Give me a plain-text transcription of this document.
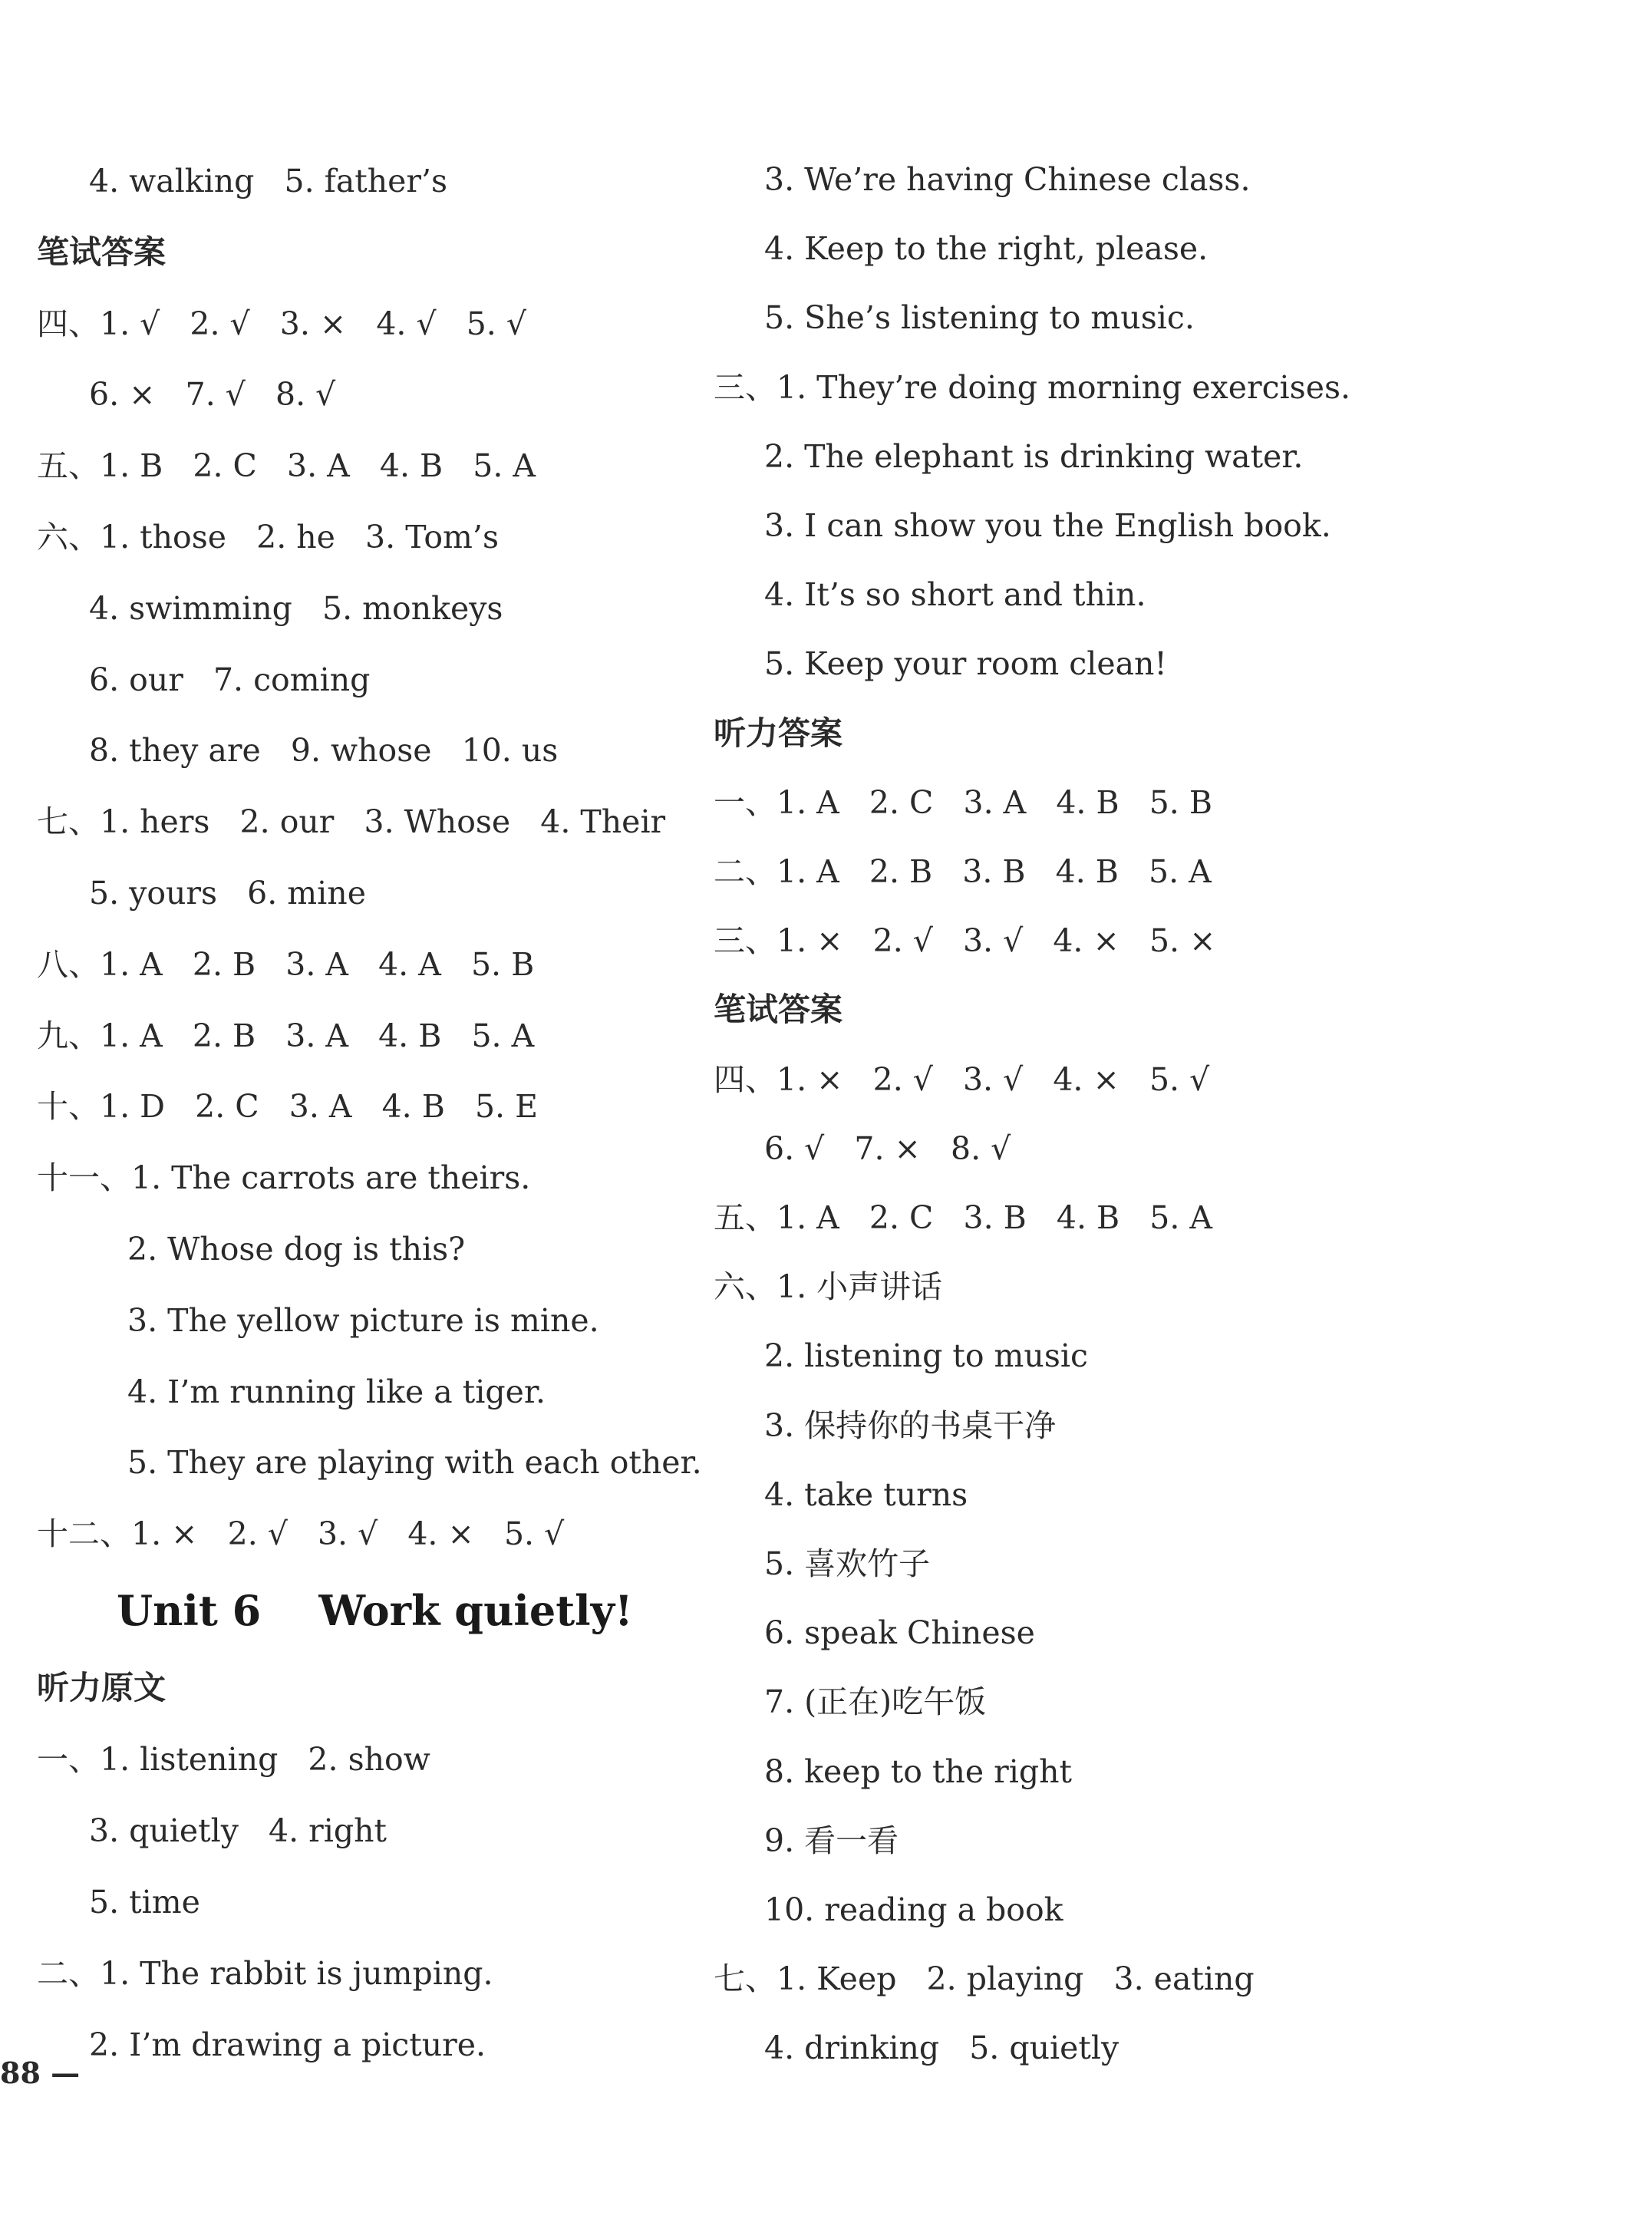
4. walking   5. father’s
笔试答案
四、1. √   2. √   3. ×   4. √   5. √
6. ×   7. √   8. √
五、1. B   2. C   3. A   4. B   5. A
六、1. those   2. he   3. Tom’s
4. swimming   5. monkeys
6. our   7. coming
8. they are   9. whose   10. us
七、1. hers   2. our   3. Whose   4. Their
5. yours   6. mine
八、1. A   2. B   3. A   4. A   5. B
九、1. A   2. B   3. A   4. B   5. A
十、1. D   2. C   3. A   4. B   5. E
十一、1. The carrots are theirs.
2. Whose dog is this?
3. The yellow picture is mine.
4. I’m running like a tiger.
5. They are playing with each other.
十二、1. ×   2. √   3. √   4. ×   5. √
听力原文
一、1. listening   2. show
3. quietly   4. right
5. time
二、1. The rabbit is jumping.
2. I’m drawing a picture.
Unit 6    Work quietly!
3. We’re having Chinese class.
4. Keep to the right, please.
5. She’s listening to music.
三、1. They’re doing morning exercises.
2. The elephant is drinking water.
3. I can show you the English book.
4. It’s so short and thin.
5. Keep your room clean!
听力答案
一、1. A   2. C   3. A   4. B   5. B
二、1. A   2. B   3. B   4. B   5. A
三、1. ×   2. √   3. √   4. ×   5. ×
笔试答案
四、1. ×   2. √   3. √   4. ×   5. √
6. √   7. ×   8. √
五、1. A   2. C   3. B   4. B   5. A
六、1. 小声讲话
2. listening to music
3. 保持你的书桌干净
4. take turns
5. 喜欢竹子
6. speak Chinese
7. (正在)吃午饭
8. keep to the right
9. 看一看
10. reading a book
七、1. Keep   2. playing   3. eating
4. drinking   5. quietly
88 —
